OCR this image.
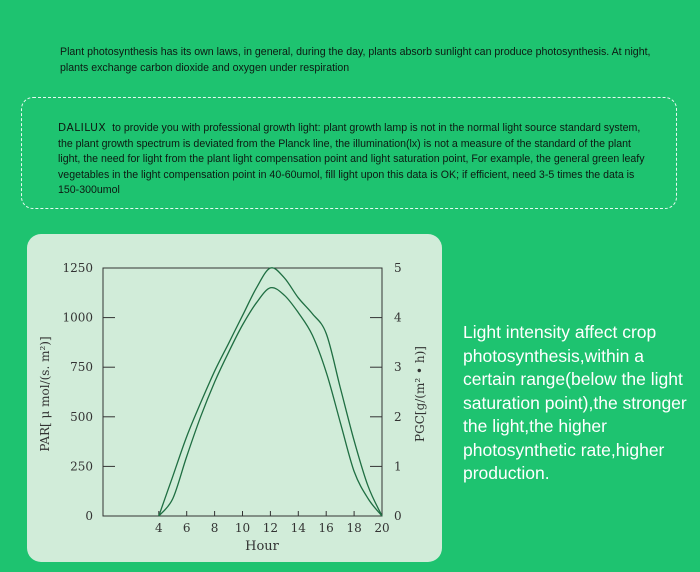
Plant photosynthesis has its own laws, in general, during the day, plants absorb sunlight can produce photosynthesis. At night, plants exchange carbon dioxide and oxygen under respiration
DALILUX to provide you with professional growth light: plant growth lamp is not in the normal light source standard system, the plant growth spectrum is deviated from the Planck line, the illumination(lx) is not a measure of the standard of the plant light, the need for light from the plant light compensation point and light saturation point, For example, the general green leafy vegetables in the light compensation point in 40-60umol, fill light upon this data is OK; if efficient, need 3-5 times the data is 150-300umol
0
250
500
750
1000
1250
0
1
2
3
4
5
4 6 8 10 12 14 16 18 20
Hour
PAR[ μ mol/(s. m²)]	PGC[g/(m² • h)]
Light intensity affect crop photosynthesis,within a certain range(below the light saturation point),the stronger the light,the higher photosynthetic rate,higher production.
